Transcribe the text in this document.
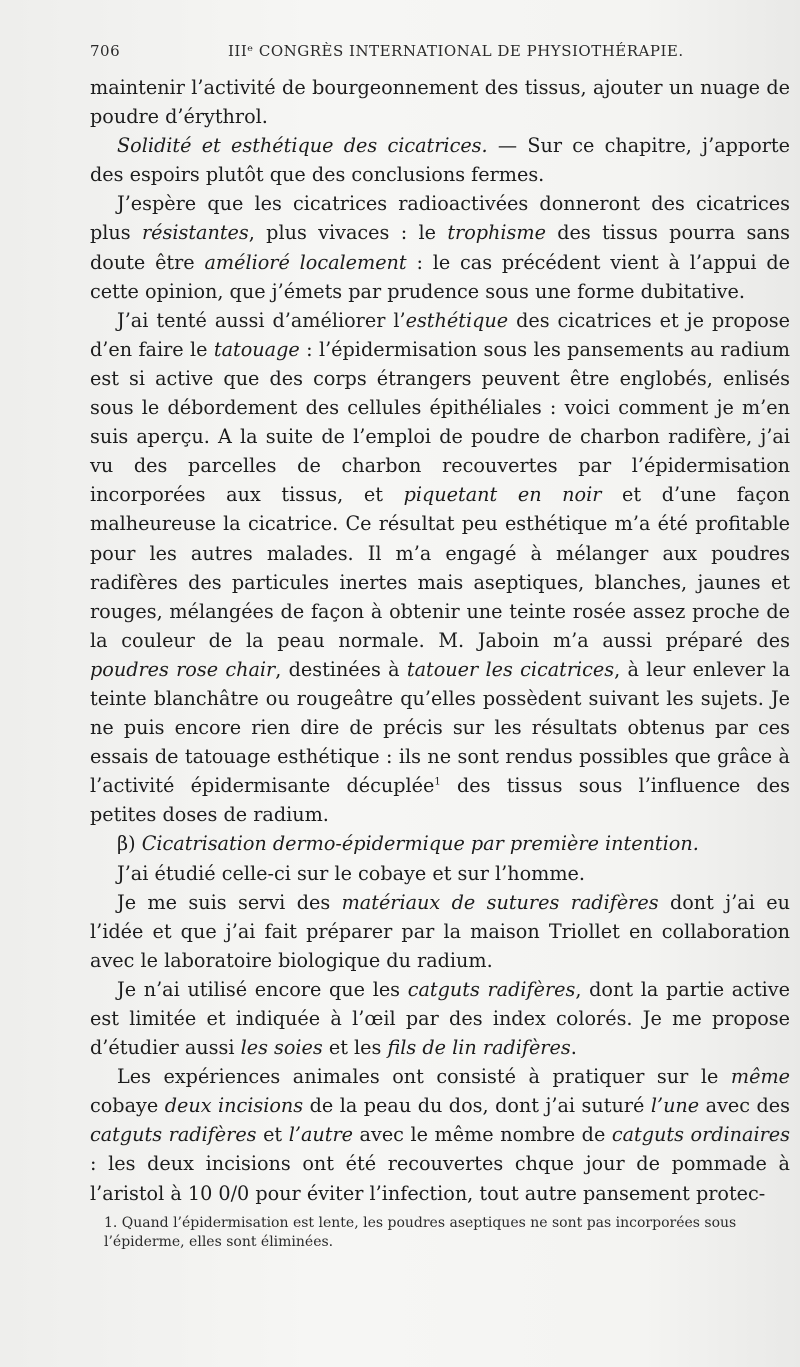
706	IIIᵉ CONGRÈS INTERNATIONAL DE PHYSIOTHÉRAPIE.

maintenir l’activité de bourgeonnement des tissus, ajouter un nuage de poudre d’érythrol.

Solidité et esthétique des cicatrices. — Sur ce chapitre, j’apporte des espoirs plutôt que des conclusions fermes.

J’espère que les cicatrices radioactivées donneront des cicatrices plus résistantes, plus vivaces : le trophisme des tissus pourra sans doute être amélioré localement : le cas précédent vient à l’appui de cette opinion, que j’émets par prudence sous une forme dubitative.

J’ai tenté aussi d’améliorer l’esthétique des cicatrices et je propose d’en faire le tatouage : l’épidermisation sous les pansements au radium est si active que des corps étrangers peuvent être englobés, enlisés sous le débordement des cellules épithéliales : voici comment je m’en suis aperçu. A la suite de l’emploi de poudre de charbon radifère, j’ai vu des parcelles de charbon recouvertes par l’épidermisation incorporées aux tissus, et piquetant en noir et d’une façon malheureuse la cicatrice. Ce résultat peu esthétique m’a été profitable pour les autres malades. Il m’a engagé à mélanger aux poudres radifères des particules inertes mais aseptiques, blanches, jaunes et rouges, mélangées de façon à obtenir une teinte rosée assez proche de la couleur de la peau normale. M. Jaboin m’a aussi préparé des poudres rose chair, destinées à tatouer les cicatrices, à leur enlever la teinte blanchâtre ou rougeâtre qu’elles possèdent suivant les sujets. Je ne puis encore rien dire de précis sur les résultats obtenus par ces essais de tatouage esthétique : ils ne sont rendus possibles que grâce à l’activité épidermisante décuplée$^1$ des tissus sous l’influence des petites doses de radium.

β) Cicatrisation dermo-épidermique par première intention.

J’ai étudié celle-ci sur le cobaye et sur l’homme.

Je me suis servi des matériaux de sutures radifères dont j’ai eu l’idée et que j’ai fait préparer par la maison Triollet en collaboration avec le laboratoire biologique du radium.

Je n’ai utilisé encore que les catguts radifères, dont la partie active est limitée et indiquée à l’œil par des index colorés. Je me propose d’étudier aussi les soies et les fils de lin radifères.

Les expériences animales ont consisté à pratiquer sur le même cobaye deux incisions de la peau du dos, dont j’ai suturé l’une avec des catguts radifères et l’autre avec le même nombre de catguts ordinaires : les deux incisions ont été recouvertes chque jour de pommade à l’aristol à 10 0/0 pour éviter l’infection, tout autre pansement protec-

1. Quand l’épidermisation est lente, les poudres aseptiques ne sont pas incorporées sous l’épiderme, elles sont éliminées.
